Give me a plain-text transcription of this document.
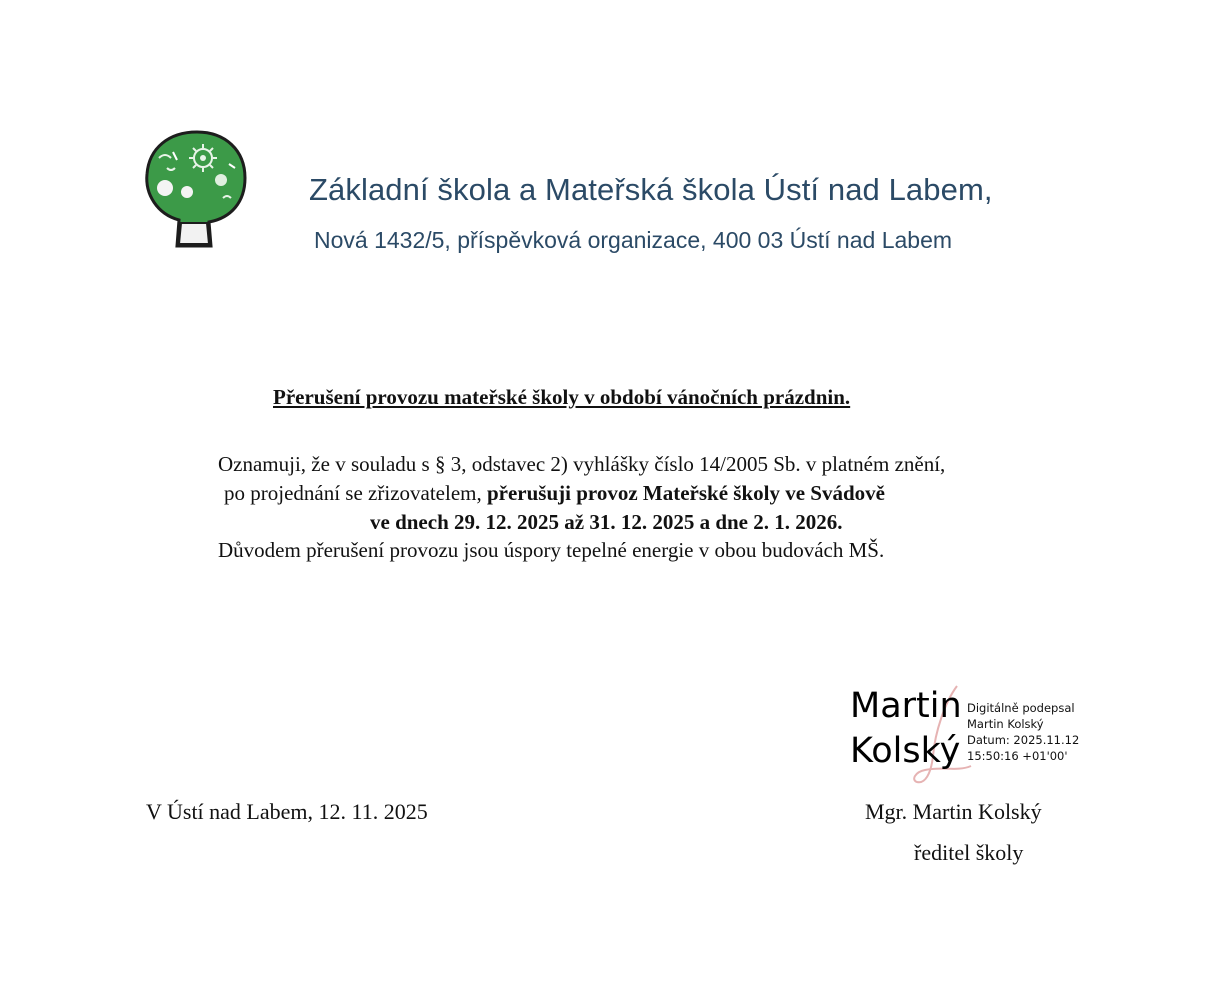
Základní škola a Mateřská škola Ústí nad Labem,
Nová 1432/5, příspěvková organizace, 400 03 Ústí nad Labem
Přerušení provozu mateřské školy v období vánočních prázdnin.
Oznamuji, že v souladu s § 3, odstavec 2) vyhlášky číslo 14/2005 Sb. v platném znění,
po projednání se zřizovatelem, přerušuji provoz Mateřské školy ve Svádově
ve dnech 29. 12. 2025 až 31. 12. 2025 a dne 2. 1. 2026.
Důvodem přerušení provozu jsou úspory tepelné energie v obou budovách MŠ.
Martin
Kolský
Digitálně podepsal
Martin Kolský
Datum: 2025.11.12
15:50:16 +01'00'
V Ústí nad Labem, 12. 11. 2025	Mgr. Martin Kolský
ředitel školy
